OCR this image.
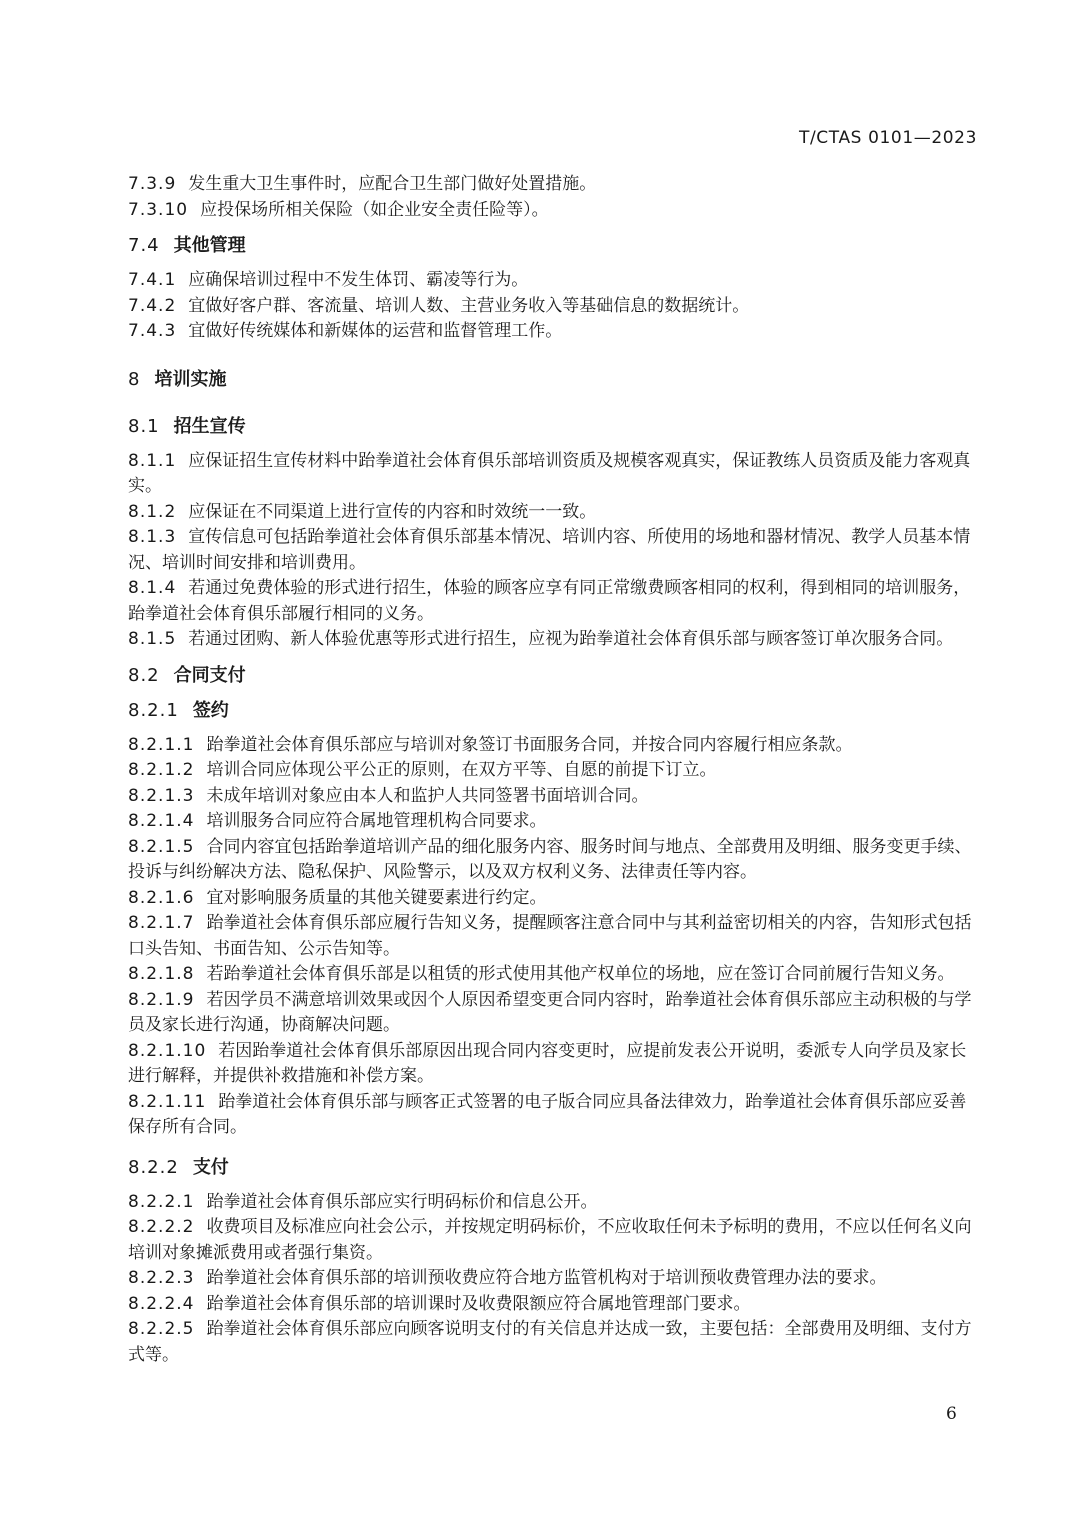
T/CTAS 0101—2023

7.3.9 发生重大卫生事件时，应配合卫生部门做好处置措施。

7.3.10 应投保场所相关保险（如企业安全责任险等）。

7.4 其他管理

7.4.1 应确保培训过程中不发生体罚、霸凌等行为。

7.4.2 宜做好客户群、客流量、培训人数、主营业务收入等基础信息的数据统计。

7.4.3 宜做好传统媒体和新媒体的运营和监督管理工作。

8 培训实施

8.1 招生宣传

8.1.1 应保证招生宣传材料中跆拳道社会体育俱乐部培训资质及规模客观真实，保证教练人员资质及能力客观真实。

8.1.2 应保证在不同渠道上进行宣传的内容和时效统一一致。

8.1.3 宣传信息可包括跆拳道社会体育俱乐部基本情况、培训内容、所使用的场地和器材情况、教学人员基本情况、培训时间安排和培训费用。

8.1.4 若通过免费体验的形式进行招生，体验的顾客应享有同正常缴费顾客相同的权利，得到相同的培训服务，跆拳道社会体育俱乐部履行相同的义务。

8.1.5 若通过团购、新人体验优惠等形式进行招生，应视为跆拳道社会体育俱乐部与顾客签订单次服务合同。

8.2 合同支付

8.2.1 签约

8.2.1.1 跆拳道社会体育俱乐部应与培训对象签订书面服务合同，并按合同内容履行相应条款。

8.2.1.2 培训合同应体现公平公正的原则，在双方平等、自愿的前提下订立。

8.2.1.3 未成年培训对象应由本人和监护人共同签署书面培训合同。

8.2.1.4 培训服务合同应符合属地管理机构合同要求。

8.2.1.5 合同内容宜包括跆拳道培训产品的细化服务内容、服务时间与地点、全部费用及明细、服务变更手续、投诉与纠纷解决方法、隐私保护、风险警示，以及双方权利义务、法律责任等内容。

8.2.1.6 宜对影响服务质量的其他关键要素进行约定。

8.2.1.7 跆拳道社会体育俱乐部应履行告知义务，提醒顾客注意合同中与其利益密切相关的内容，告知形式包括口头告知、书面告知、公示告知等。

8.2.1.8 若跆拳道社会体育俱乐部是以租赁的形式使用其他产权单位的场地，应在签订合同前履行告知义务。

8.2.1.9 若因学员不满意培训效果或因个人原因希望变更合同内容时，跆拳道社会体育俱乐部应主动积极的与学员及家长进行沟通，协商解决问题。

8.2.1.10 若因跆拳道社会体育俱乐部原因出现合同内容变更时，应提前发表公开说明，委派专人向学员及家长进行解释，并提供补救措施和补偿方案。

8.2.1.11 跆拳道社会体育俱乐部与顾客正式签署的电子版合同应具备法律效力，跆拳道社会体育俱乐部应妥善保存所有合同。

8.2.2 支付

8.2.2.1 跆拳道社会体育俱乐部应实行明码标价和信息公开。

8.2.2.2 收费项目及标准应向社会公示，并按规定明码标价，不应收取任何未予标明的费用，不应以任何名义向培训对象摊派费用或者强行集资。

8.2.2.3 跆拳道社会体育俱乐部的培训预收费应符合地方监管机构对于培训预收费管理办法的要求。

8.2.2.4 跆拳道社会体育俱乐部的培训课时及收费限额应符合属地管理部门要求。

8.2.2.5 跆拳道社会体育俱乐部应向顾客说明支付的有关信息并达成一致，主要包括：全部费用及明细、支付方式等。

6
